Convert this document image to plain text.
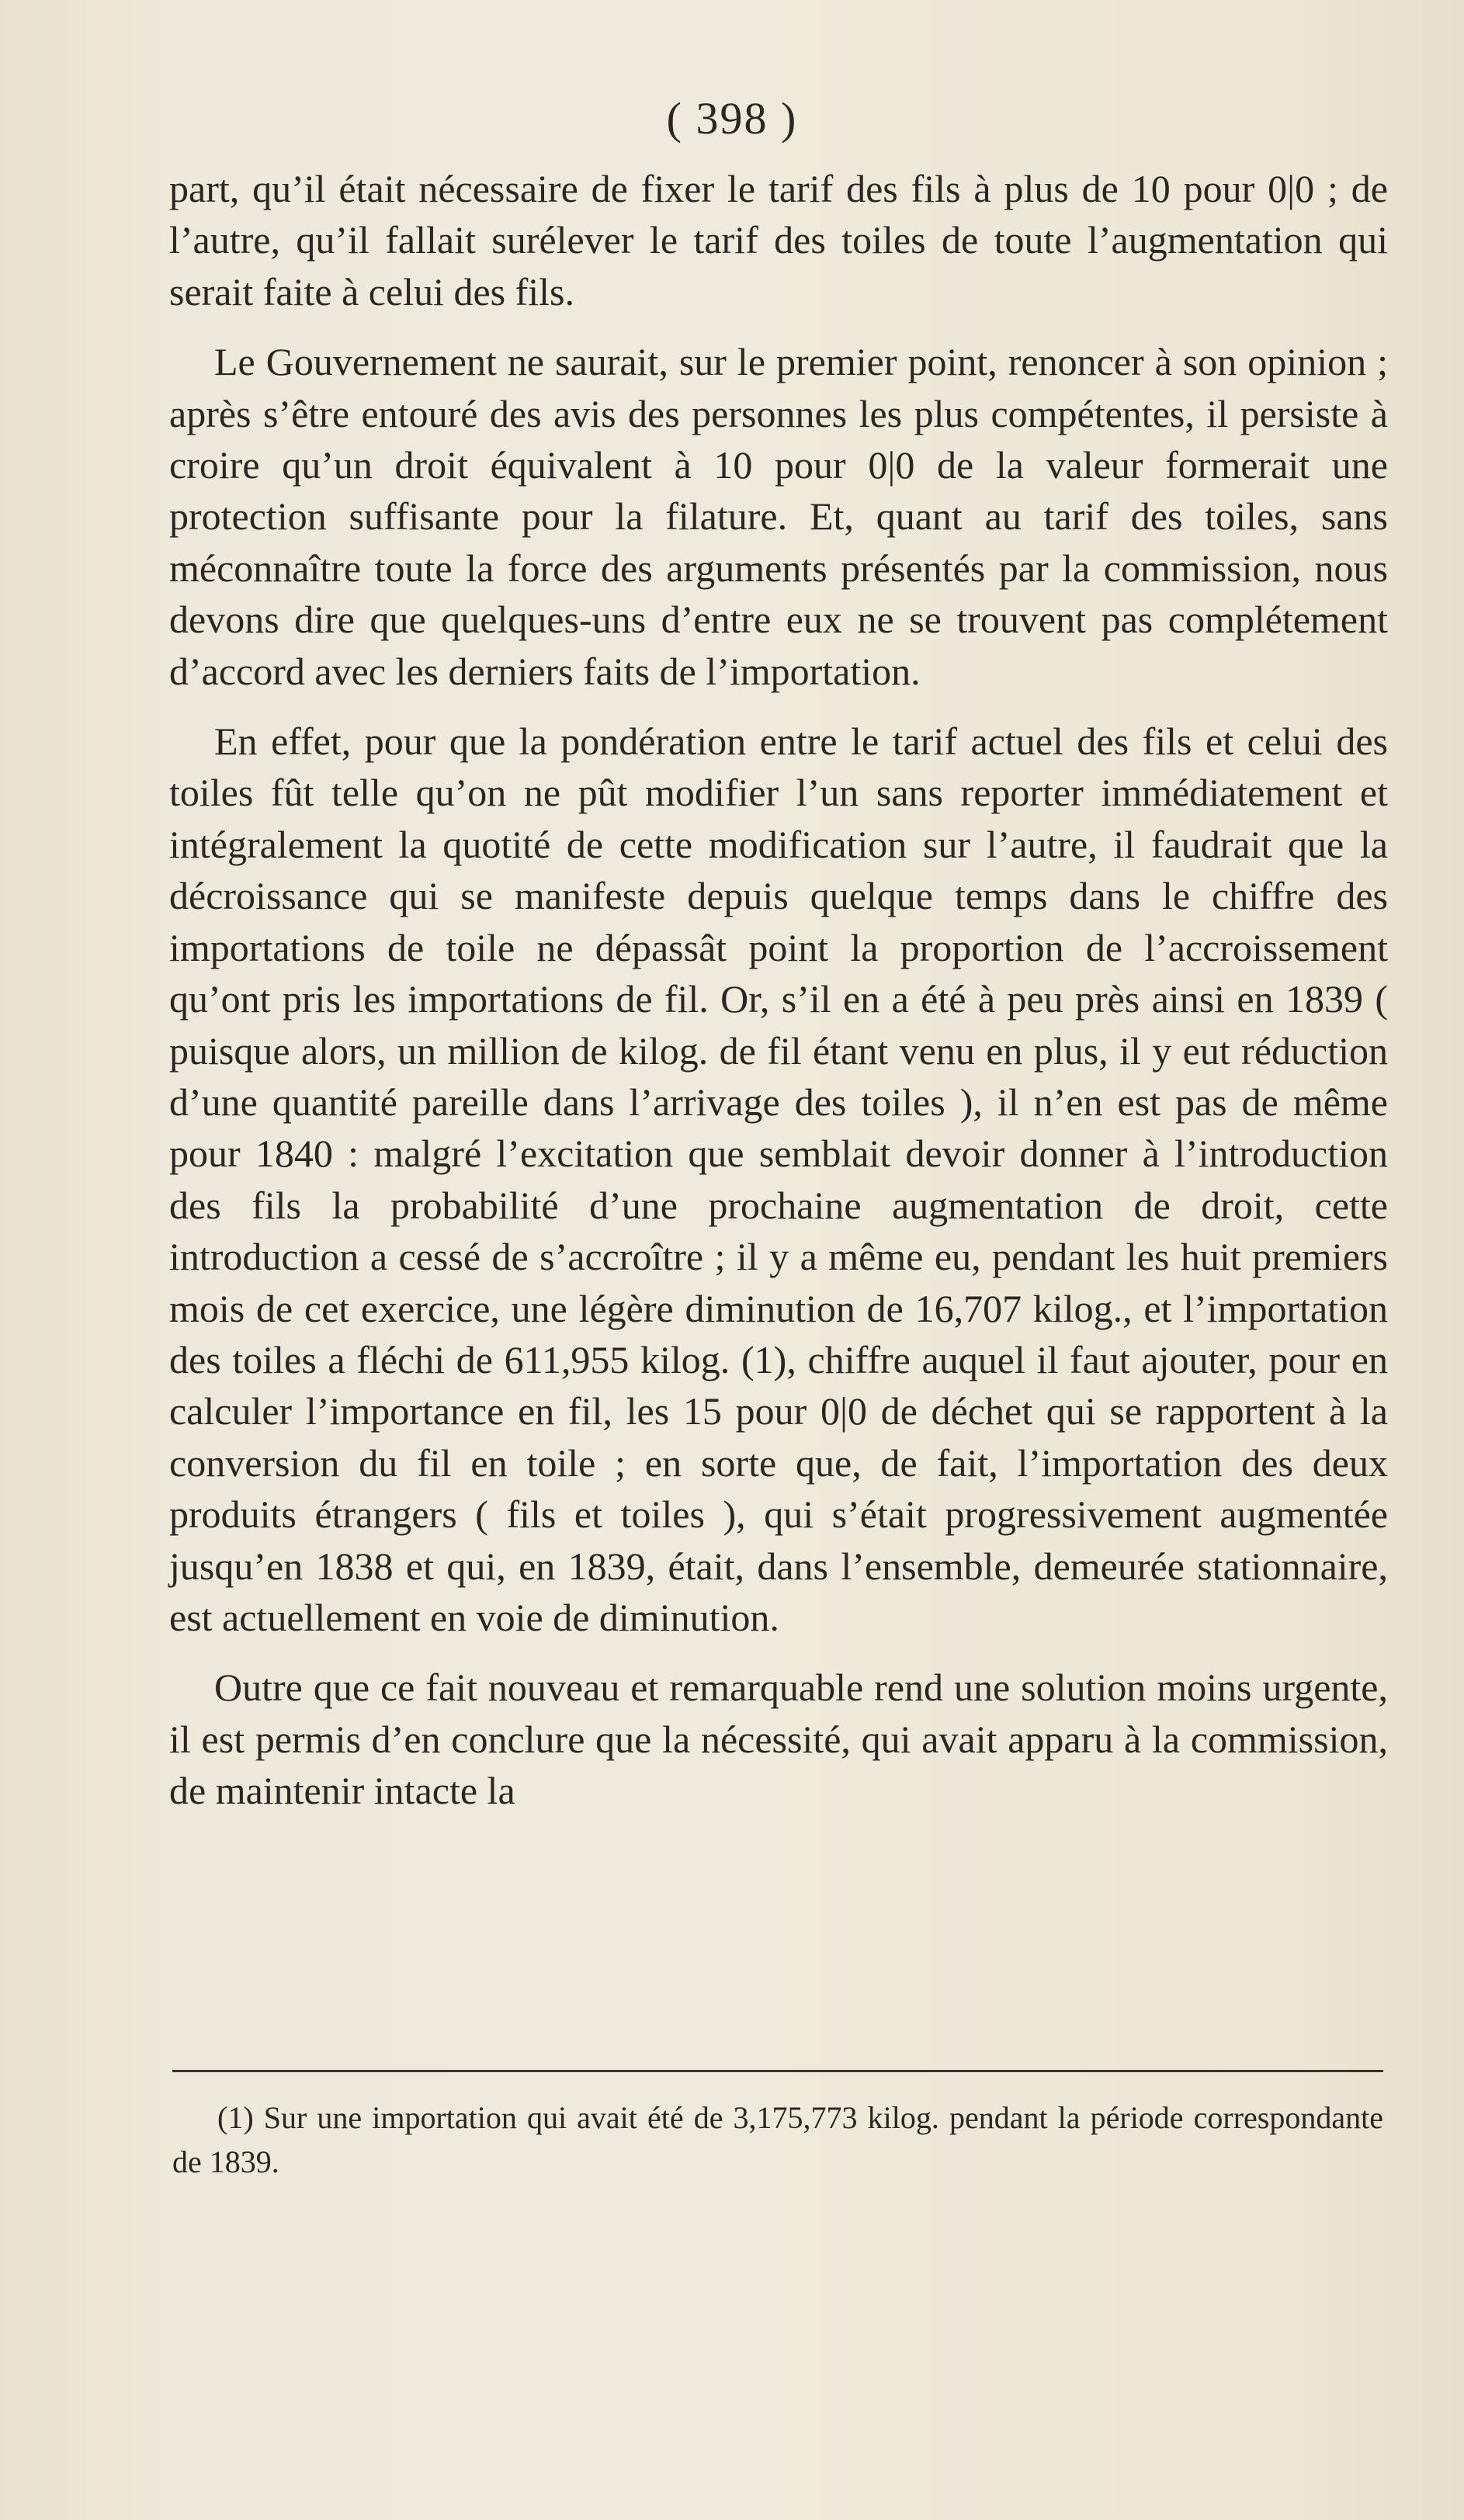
( 398 )

part, qu’il était nécessaire de fixer le tarif des fils à plus de 10 pour 0|0 ; de l’autre, qu’il fallait surélever le tarif des toiles de toute l’augmentation qui serait faite à celui des fils.

Le Gouvernement ne saurait, sur le premier point, renoncer à son opinion ; après s’être entouré des avis des personnes les plus compétentes, il persiste à croire qu’un droit équivalent à 10 pour 0|0 de la valeur formerait une protection suffisante pour la filature. Et, quant au tarif des toiles, sans méconnaître toute la force des arguments présentés par la commission, nous devons dire que quelques-uns d’entre eux ne se trouvent pas complétement d’accord avec les derniers faits de l’importation.

En effet, pour que la pondération entre le tarif actuel des fils et celui des toiles fût telle qu’on ne pût modifier l’un sans reporter immédiatement et intégralement la quotité de cette modification sur l’autre, il faudrait que la décroissance qui se manifeste depuis quelque temps dans le chiffre des importations de toile ne dépassât point la proportion de l’accroissement qu’ont pris les importations de fil. Or, s’il en a été à peu près ainsi en 1839 ( puisque alors, un million de kilog. de fil étant venu en plus, il y eut réduction d’une quantité pareille dans l’arrivage des toiles ), il n’en est pas de même pour 1840 : malgré l’excitation que semblait devoir donner à l’introduction des fils la probabilité d’une prochaine augmentation de droit, cette introduction a cessé de s’accroître ; il y a même eu, pendant les huit premiers mois de cet exercice, une légère diminution de 16,707 kilog., et l’importation des toiles a fléchi de 611,955 kilog. (1), chiffre auquel il faut ajouter, pour en calculer l’importance en fil, les 15 pour 0|0 de déchet qui se rapportent à la conversion du fil en toile ; en sorte que, de fait, l’importation des deux produits étrangers ( fils et toiles ), qui s’était progressivement augmentée jusqu’en 1838 et qui, en 1839, était, dans l’ensemble, demeurée stationnaire, est actuellement en voie de diminution.

Outre que ce fait nouveau et remarquable rend une solution moins urgente, il est permis d’en conclure que la nécessité, qui avait apparu à la commission, de maintenir intacte la

(1) Sur une importation qui avait été de 3,175,773 kilog. pendant la période correspondante de 1839.
